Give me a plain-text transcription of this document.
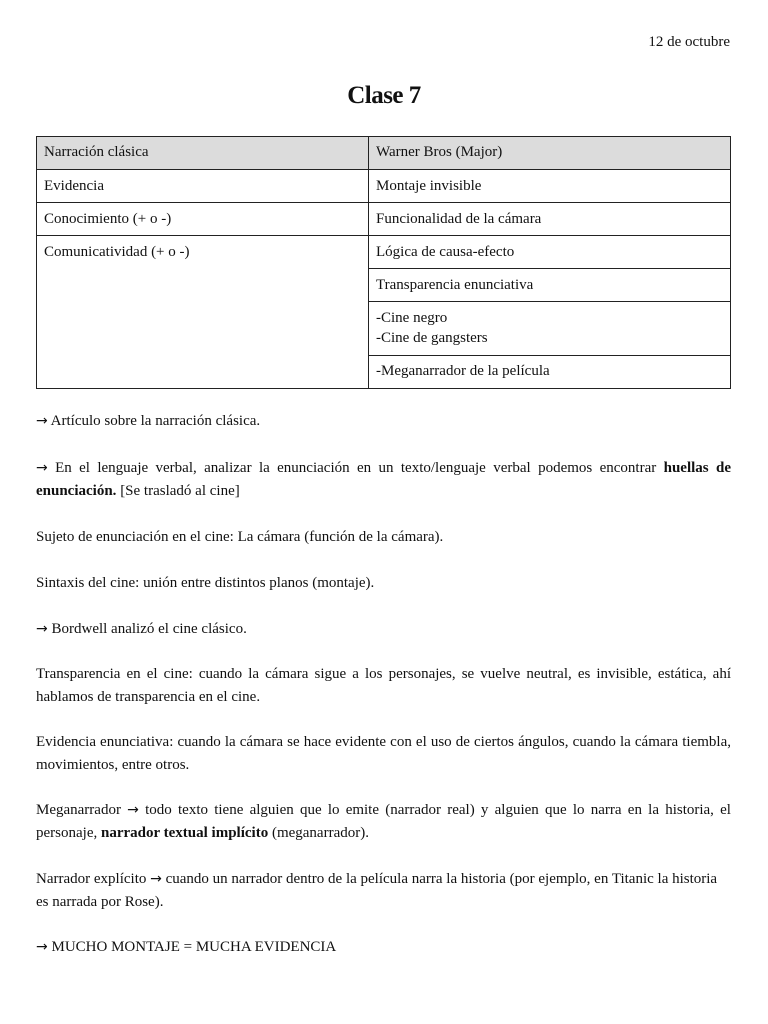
12 de octubre
Clase 7
Narración clásica	Warner Bros (Major)
Evidencia	Montaje invisible
Conocimiento (+ o -)	Funcionalidad de la cámara
Comunicatividad (+ o -)	Lógica de causa-efecto
	Transparencia enunciativa

	-Cine negro
-Cine de gangsters

	-Meganarrador de la película

→ Artículo sobre la narración clásica.

→ En el lenguaje verbal, analizar la enunciación en un texto/lenguaje verbal podemos encontrar huellas de enunciación. [Se trasladó al cine]

Sujeto de enunciación en el cine: La cámara (función de la cámara).

Sintaxis del cine: unión entre distintos planos (montaje).

→ Bordwell analizó el cine clásico.

Transparencia en el cine: cuando la cámara sigue a los personajes, se vuelve neutral, es invisible, estática, ahí hablamos de transparencia en el cine.

Evidencia enunciativa: cuando la cámara se hace evidente con el uso de ciertos ángulos, cuando la cámara tiembla, movimientos, entre otros.

Meganarrador → todo texto tiene alguien que lo emite (narrador real) y alguien que lo narra en la historia, el personaje, narrador textual implícito (meganarrador).

Narrador explícito → cuando un narrador dentro de la película narra la historia (por ejemplo, en Titanic la historia es narrada por Rose).

→ MUCHO MONTAJE = MUCHA EVIDENCIA
